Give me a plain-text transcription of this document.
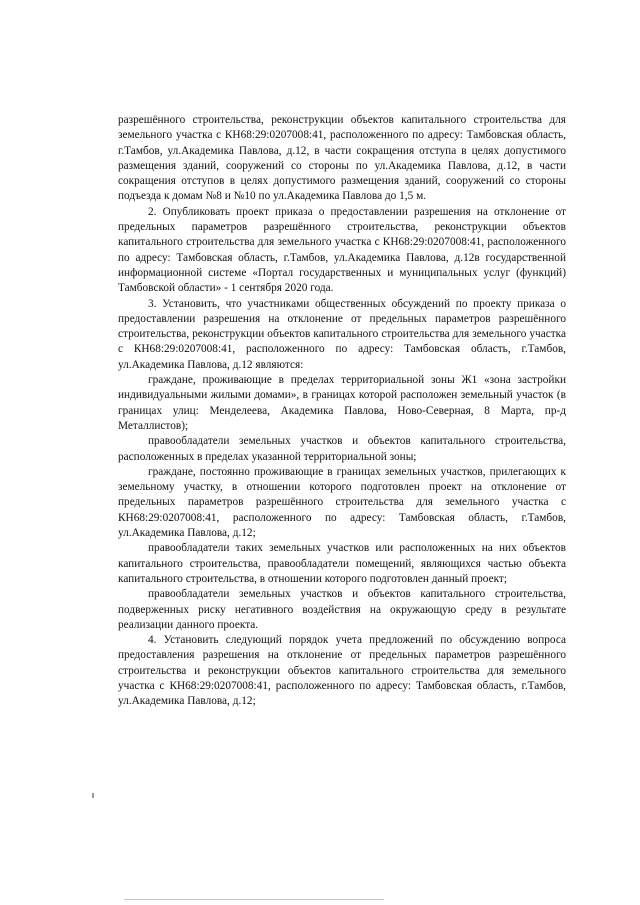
разрешённого строительства, реконструкции объектов капитального строительства для земельного участка с КН68:29:0207008:41, расположенного по адресу: Тамбовская область, г.Тамбов, ул.Академика Павлова, д.12, в части сокращения отступа в целях допустимого размещения зданий, сооружений со стороны по ул.Академика Павлова, д.12, в части сокращения отступов в целях допустимого размещения зданий, сооружений со стороны подъезда к домам №8 и №10 по ул.Академика Павлова до 1,5 м.

2. Опубликовать проект приказа о предоставлении разрешения на отклонение от предельных параметров разрешённого строительства, реконструкции объектов капитального строительства для земельного участка с КН68:29:0207008:41, расположенного по адресу: Тамбовская область, г.Тамбов, ул.Академика Павлова, д.12в государственной информационной системе «Портал государственных и муниципальных услуг (функций) Тамбовской области» - 1 сентября 2020 года.

3. Установить, что участниками общественных обсуждений по проекту приказа о предоставлении разрешения на отклонение от предельных параметров разрешённого строительства, реконструкции объектов капитального строительства для земельного участка с КН68:29:0207008:41, расположенного по адресу: Тамбовская область, г.Тамбов, ул.Академика Павлова, д.12 являются:

граждане, проживающие в пределах территориальной зоны Ж1 «зона застройки индивидуальными жилыми домами», в границах которой расположен земельный участок (в границах улиц: Менделеева, Академика Павлова, Ново-Северная, 8 Марта, пр-д Металлистов);

правообладатели земельных участков и объектов капитального строительства, расположенных в пределах указанной территориальной зоны;

граждане, постоянно проживающие в границах земельных участков, прилегающих к земельному участку, в отношении которого подготовлен проект на отклонение от предельных параметров разрешённого строительства для земельного участка с КН68:29:0207008:41, расположенного по адресу: Тамбовская область, г.Тамбов, ул.Академика Павлова, д.12;

правообладатели таких земельных участков или расположенных на них объектов капитального строительства, правообладатели помещений, являющихся частью объекта капитального строительства, в отношении которого подготовлен данный проект;

правообладатели земельных участков и объектов капитального строительства, подверженных риску негативного воздействия на окружающую среду в результате реализации данного проекта.

4. Установить следующий порядок учета предложений по обсуждению вопроса предоставления разрешения на отклонение от предельных параметров разрешённого строительства и реконструкции объектов капитального строительства для земельного участка с КН68:29:0207008:41, расположенного по адресу: Тамбовская область, г.Тамбов, ул.Академика Павлова, д.12;
